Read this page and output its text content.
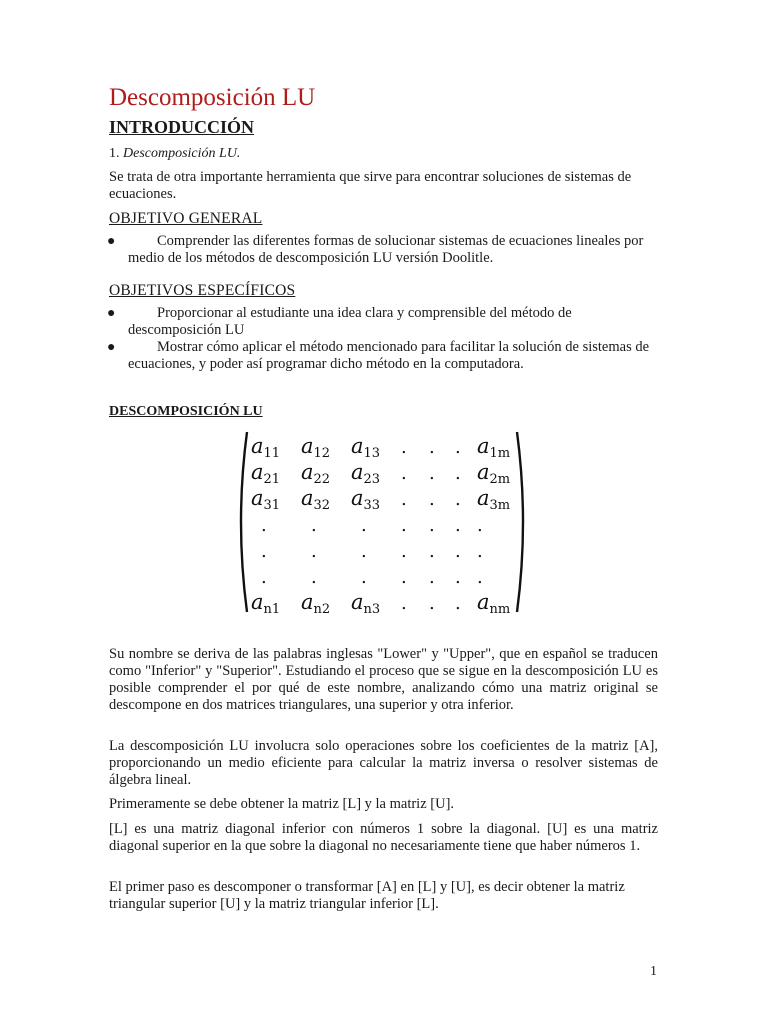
Descomposición LU
INTRODUCCIÓN
1. Descomposición LU.
Se trata de otra importante herramienta que sirve para encontrar soluciones de sistemas de ecuaciones.
OBJETIVO GENERAL
●	Comprender las diferentes formas de solucionar sistemas de ecuaciones lineales por medio de los métodos de descomposición LU versión Doolitle.
OBJETIVOS ESPECÍFICOS
●	Proporcionar al estudiante una idea clara y comprensible del método de descomposición LU
●	Mostrar cómo aplicar el método mencionado para facilitar la solución de sistemas de ecuaciones, y poder así programar dicho método en la computadora.
DESCOMPOSICIÓN LU
a11 a12 a13 . . . a1m
a21 a22 a23 . . . a2m
a31 a32 a33 . . . a3m
. . . . . . .
. . . . . . .
. . . . . . .
an1 an2 an3 . . . anm
Su nombre se deriva de las palabras inglesas "Lower" y "Upper", que en español se traducen como "Inferior" y "Superior". Estudiando el proceso que se sigue en la descomposición LU es posible comprender el por qué de este nombre, analizando cómo una matriz original se descompone en dos matrices triangulares, una superior y otra inferior.
La descomposición LU involucra solo operaciones sobre los coeficientes de la matriz [A], proporcionando un medio eficiente para calcular la matriz inversa o resolver sistemas de álgebra lineal.
Primeramente se debe obtener la matriz [L] y la matriz [U].
[L] es una matriz diagonal inferior con números 1 sobre la diagonal. [U] es una matriz diagonal superior en la que sobre la diagonal no necesariamente tiene que haber números 1.
El primer paso es descomponer o transformar [A] en [L] y [U], es decir obtener la matriz triangular superior [U] y la matriz triangular inferior [L].
1
